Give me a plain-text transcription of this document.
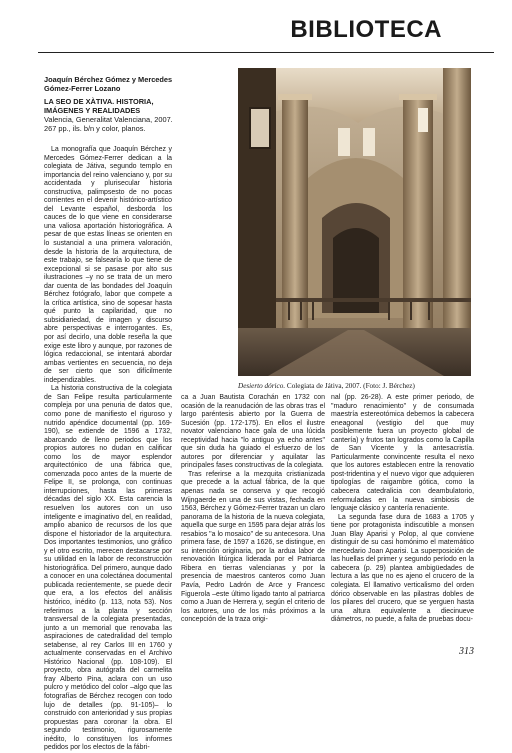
BIBLIOTECA
Joaquín Bérchez Gómez y Mercedes
Gómez-Ferrer Lozano
LA SEO DE XÀTIVA. HISTORIA,
IMÁGENES Y REALIDADES
Valencia, Generalitat Valenciana, 2007.
267 pp., ils. b/n y color, planos.
Desierto dórico. Colegiata de Játiva, 2007. (Foto: J. Bérchez)

La monografía que Joaquín Bérchez y Mercedes Gómez-Ferrer dedican a la colegiata de Játiva, segundo templo en importancia del reino valenciano y, por su accidentada y plurisecular historia constructiva, palimpsesto de no pocas corrientes en el devenir histórico-artístico del Levante español, desborda los cauces de lo que viene en considerarse una valiosa aportación historiográfica. A pesar de que estas líneas se orienten en lo sustancial a una primera valoración, desde la historia de la arquitectura, de este trabajo, se falsearía lo que tiene de excepcional si se pasase por alto sus ilustraciones –y no se trata de un mero dar cuenta de las bondades del Joaquín Bérchez fotógrafo, labor que compete a la crítica artística, sino de sopesar hasta qué punto la capilaridad, que no subsidiariedad, de imagen y discurso abre perspectivas e interrogantes. Es, por así decirlo, una doble reseña la que exige este libro y aunque, por razones de lógica redaccional, se intentará abordar ambas vertientes en secuencia, no deja de ser cierto que son difícilmente independizables.

La historia constructiva de la colegiata de San Felipe resulta particularmente compleja por una penuria de datos que, como pone de manifiesto el riguroso y nutrido apéndice documental (pp. 169-190), se extiende de 1596 a 1732, abarcando de lleno periodos que los propios autores no dudan en calificar como los de mayor esplendor arquitectónico de una fábrica que, comenzada poco antes de la muerte de Felipe II, se prolonga, con continuas interrupciones, hasta las primeras décadas del siglo XX. Esta carencia la resuelven los autores con un uso inteligente e imaginativo del, en realidad, amplio abanico de recursos de los que dispone el historiador de la arquitectura. Dos importantes testimonios, uno gráfico y el otro escrito, merecen destacarse por su utilidad en la labor de reconstrucción historiográfica. Del primero, aunque dado a conocer en una colectánea documental publicada recientemente, se puede decir que era, a los efectos del análisis histórico, inédito (p. 113, nota 53). Nos referimos a la planta y sección transversal de la colegiata presentadas, junto a un memorial que renovaba las aspiraciones de catedralidad del templo setabense, al rey Carlos III en 1760 y actualmente conservadas en el Archivo Histórico Nacional (pp. 108-109). El proyecto, obra autógrafa del carmelita fray Alberto Pina, aclara con un uso pulcro y metódico del color –algo que las fotografías de Bérchez recogen con todo lujo de detalles (pp. 91-105)– lo construido con anterioridad y sus propias propuestas para coronar la obra. El segundo testimonio, rigurosamente inédito, lo constituyen los informes pedidos por los electos de la fábri-

ca a Juan Bautista Corachán en 1732 con ocasión de la reanudación de las obras tras el largo paréntesis abierto por la Guerra de Sucesión (pp. 172-175). En ellos el ilustre novator valenciano hace gala de una lúcida receptividad hacia "lo antiguo ya echo antes" que sin duda ha guiado el esfuerzo de los autores por diferenciar y aquilatar las principales fases constructivas de la colegiata.

Tras referirse a la mezquita cristianizada que precede a la actual fábrica, de la que apenas nada se conserva y que recogió Wijngaerde en una de sus vistas, fechada en 1563, Bérchez y Gómez-Ferrer trazan un claro panorama de la historia de la nueva colegiata, aquella que surge en 1595 para dejar atrás los resabios "a lo mosaico" de su antecesora. Una primera fase, de 1597 a 1626, se distingue, en su intención originaria, por la ardua labor de renovación litúrgica liderada por el Patriarca Ribera en tierras valencianas y por la presencia de maestros canteros como Juan Pavía, Pedro Ladrón de Arce y Francesc Figuerola –este último ligado tanto al patriarca como a Juan de Herrera y, según el criterio de los autores, uno de los más próximos a la concepción de la traza origi-

nal (pp. 26-28). A este primer periodo, de "maduro renacimiento" y de consumada maestría estereotómica debemos la cabecera eneagonal (vestigio del que muy posiblemente fuera un proyecto global de cantería) y frutos tan logrados como la Capilla de San Vicente y la antesacristía. Particularmente convincente resulta el nexo que los autores establecen entre la renovatio post-tridentina y el nuevo vigor que adquieren tipologías de raigambre gótica, como la cabecera catedralicia con deambulatorio, reformuladas en la nueva simbiosis de lenguaje clásico y cantería renaciente.

La segunda fase dura de 1683 a 1705 y tiene por protagonista indiscutible a monsen Juan Blay Aparisi y Polop, al que conviene distinguir de su casi homónimo el matemático mercedario Joan Aparisi. La superposición de las huellas del primer y segundo período en la cabecera (p. 29) plantea ambigüedades de lectura a las que no es ajeno el crucero de la colegiata. El llamativo verticalismo del orden dórico observable en las pilastras dobles de los pilares del crucero, que se yerguen hasta una altura equivalente a diecinueve diámetros, no puede, a falta de pruebas docu-

313
